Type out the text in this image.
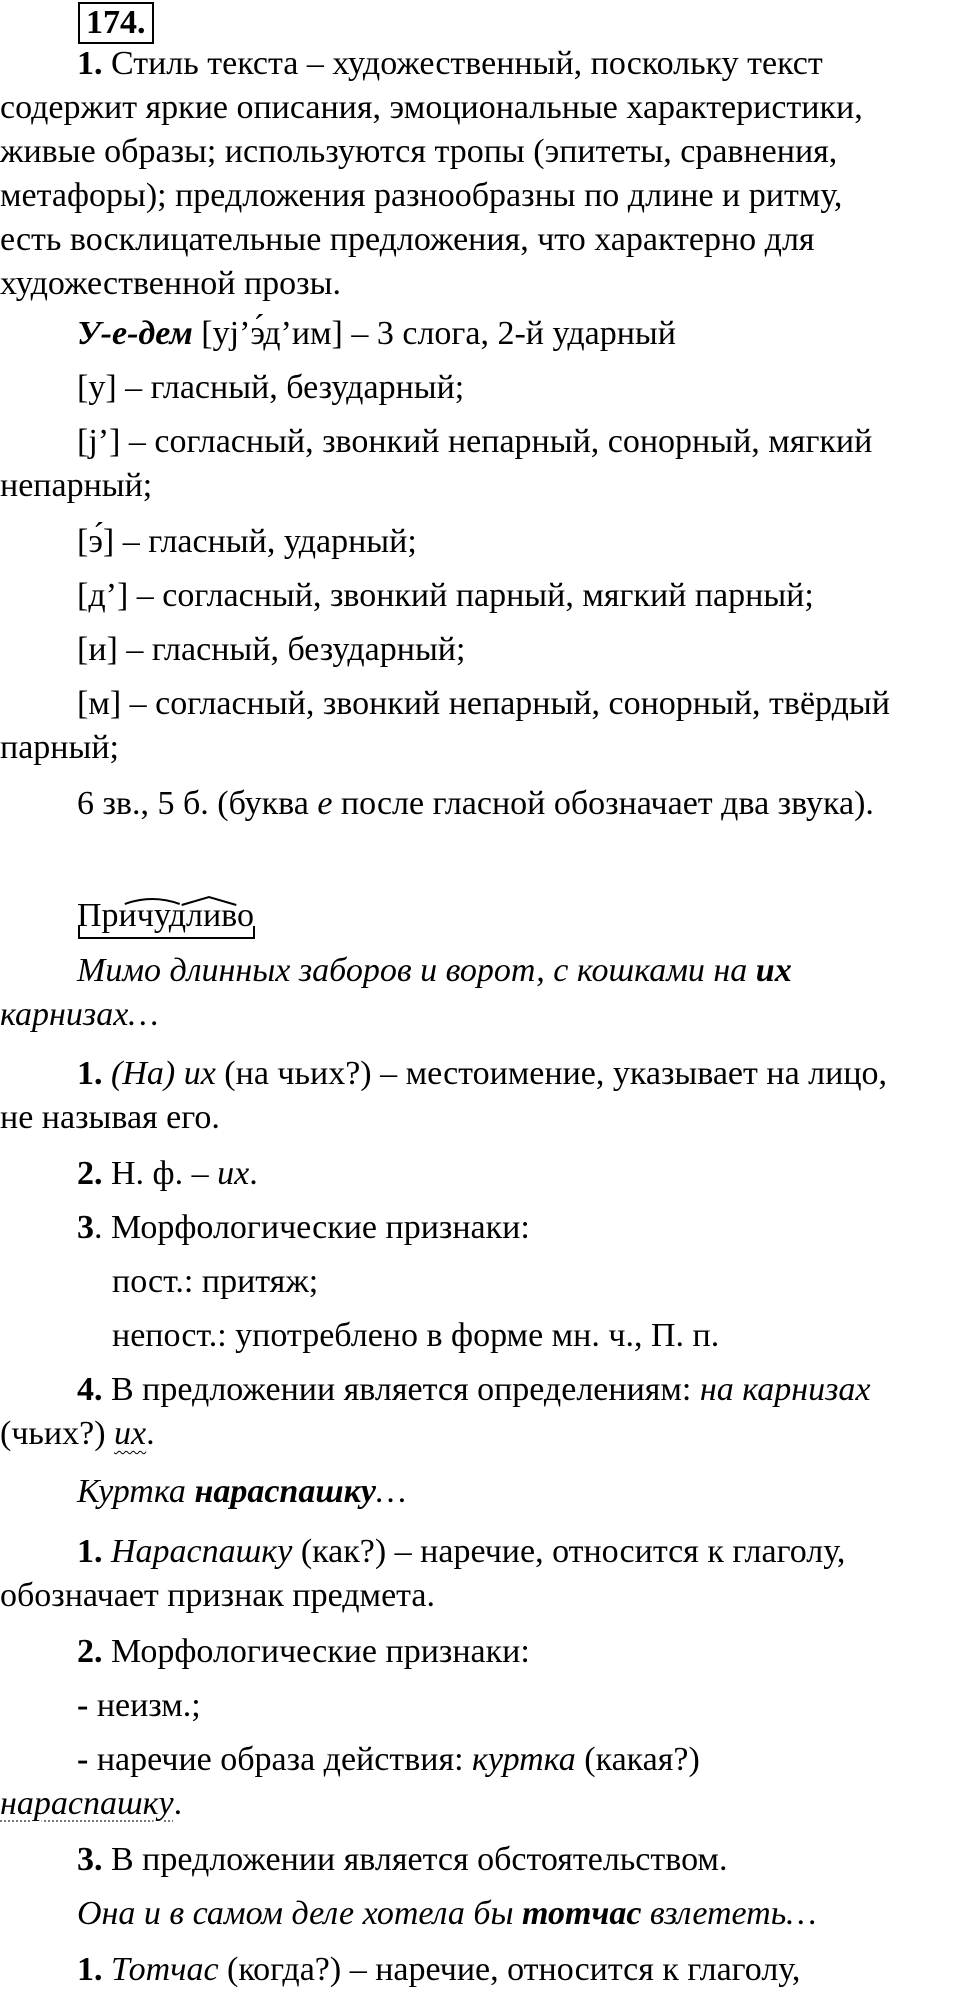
174.
1. Стиль текста – художественный, поскольку текст
содержит яркие описания, эмоциональные характеристики,
живые образы; используются тропы (эпитеты, сравнения,
метафоры); предложения разнообразны по длине и ритму,
есть восклицательные предложения, что характерно для
художественной прозы.
У-е-дем [уj’э́д’им] – 3 слога, 2-й ударный
[у] – гласный, безударный;
[j’] – согласный, звонкий непарный, сонорный, мягкий
непарный;
[э́] – гласный, ударный;
[д’] – согласный, звонкий парный, мягкий парный;
[и] – гласный, безударный;
[м] – согласный, звонкий непарный, сонорный, твёрдый
парный;
6 зв., 5 б. (буква е после гласной обозначает два звука).
Мимо длинных заборов и ворот, с кошками на их
карнизах…
1. (На) их (на чьих?) – местоимение, указывает на лицо,
не называя его.
2. Н. ф. – их.
3. Морфологические признаки:
пост.: притяж;
непост.: употреблено в форме мн. ч., П. п.
4. В предложении является определениям: на карнизах
(чьих?) их.
Куртка нараспашку…
1. Нараспашку (как?) – наречие, относится к глаголу,
обозначает признак предмета.
2. Морфологические признаки:
- неизм.;
- наречие образа действия: куртка (какая?)
нараспашку.
3. В предложении является обстоятельством.
Она и в самом деле хотела бы тотчас взлететь…
1. Тотчас (когда?) – наречие, относится к глаголу,
Причудливо
